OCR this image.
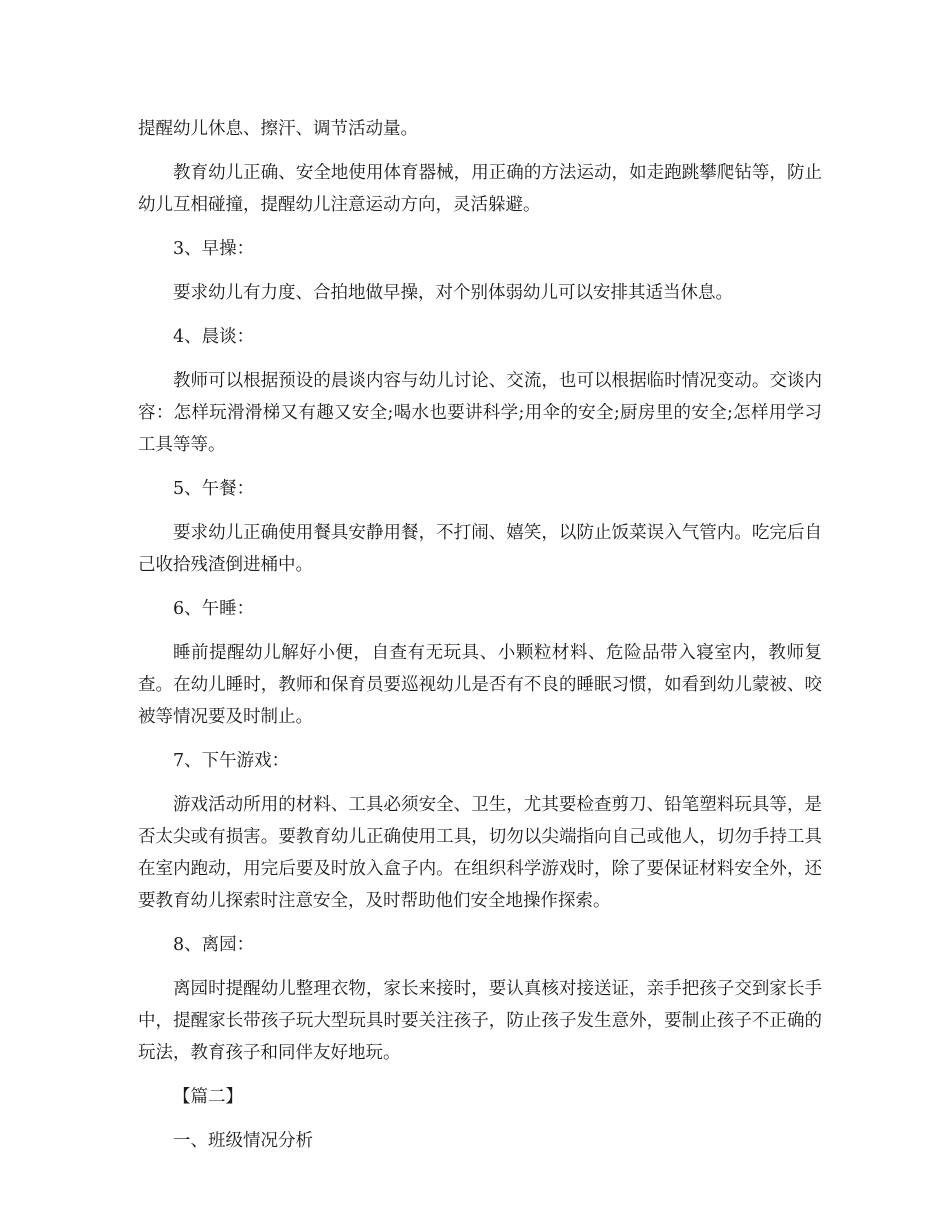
提醒幼儿休息、擦汗、调节活动量。

教育幼儿正确、安全地使用体育器械，用正确的方法运动，如走跑跳攀爬钻等，防止幼儿互相碰撞，提醒幼儿注意运动方向，灵活躲避。

3、早操：

要求幼儿有力度、合拍地做早操，对个别体弱幼儿可以安排其适当休息。

4、晨谈：

教师可以根据预设的晨谈内容与幼儿讨论、交流，也可以根据临时情况变动。交谈内容：怎样玩滑滑梯又有趣又安全;喝水也要讲科学;用伞的安全;厨房里的安全;怎样用学习工具等等。

5、午餐：

要求幼儿正确使用餐具安静用餐，不打闹、嬉笑，以防止饭菜误入气管内。吃完后自己收拾残渣倒进桶中。

6、午睡：

睡前提醒幼儿解好小便，自查有无玩具、小颗粒材料、危险品带入寝室内，教师复查。在幼儿睡时，教师和保育员要巡视幼儿是否有不良的睡眠习惯，如看到幼儿蒙被、咬被等情况要及时制止。

7、下午游戏：

游戏活动所用的材料、工具必须安全、卫生，尤其要检查剪刀、铅笔塑料玩具等，是否太尖或有损害。要教育幼儿正确使用工具，切勿以尖端指向自己或他人，切勿手持工具在室内跑动，用完后要及时放入盒子内。在组织科学游戏时，除了要保证材料安全外，还要教育幼儿探索时注意安全，及时帮助他们安全地操作探索。

8、离园：

离园时提醒幼儿整理衣物，家长来接时，要认真核对接送证，亲手把孩子交到家长手中，提醒家长带孩子玩大型玩具时要关注孩子，防止孩子发生意外，要制止孩子不正确的玩法，教育孩子和同伴友好地玩。

【篇二】

一、班级情况分析
